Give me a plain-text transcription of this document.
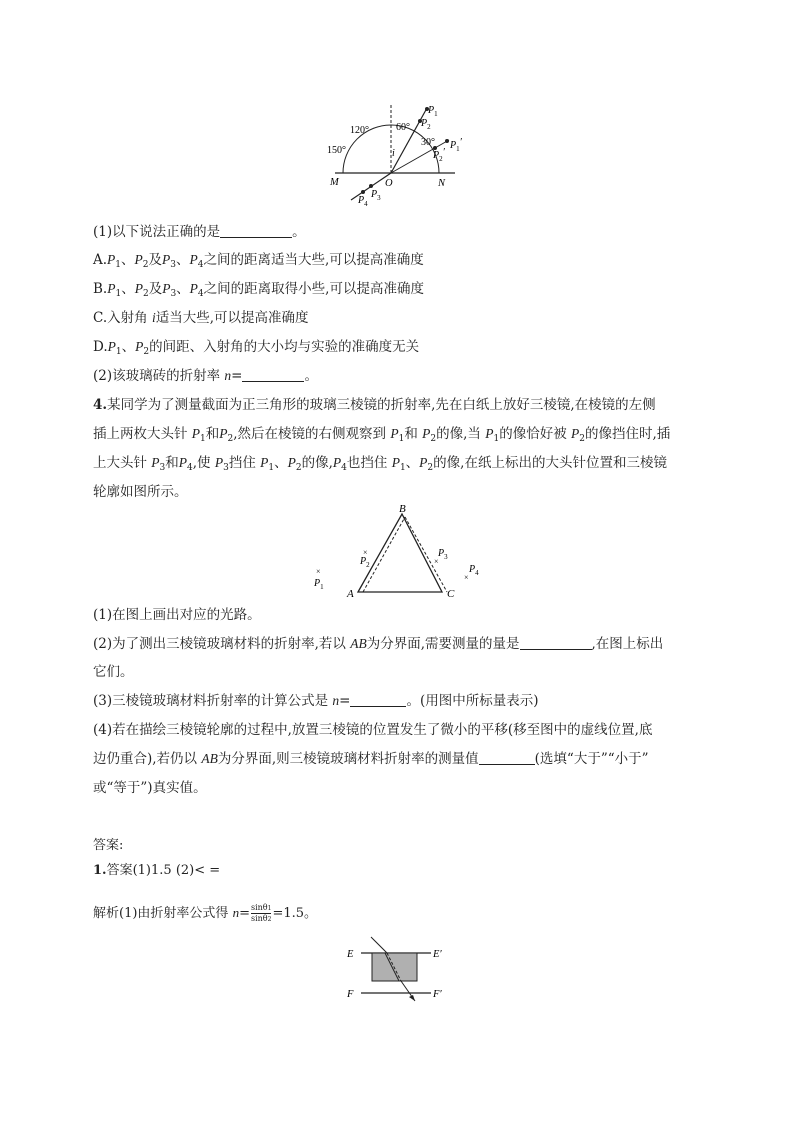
150°
120°	60°
30°
i
M	O	N
$P_1$
$P_2$
$P_1'$
$P_2'$
$P_3$
$P_4$
(1)以下说法正确的是	。
$A.P_1$、$P_2$及$P_3$、$P_4$之间的距离适当大些,可以提高准确度
$B.P_1$、$P_2$及$P_3$、$P_4$之间的距离取得小些,可以提高准确度
C.入射角 i适当大些,可以提高准确度
$D.P_1$、$P_2$的间距、入射角的大小均与实验的准确度无关
(2)该玻璃砖的折射率 n=	。
4.某同学为了测量截面为正三角形的玻璃三棱镜的折射率,先在白纸上放好三棱镜,在棱镜的左侧
插上两枚大头针 $P_1$和$P_2$,然后在棱镜的右侧观察到 $P_1$和 $P_2$的像,当 $P_1$的像恰好被 $P_2$的像挡住时,插
上大头针 $P_3$和$P_4$,使 $P_3$挡住 $P_1$、$P_2$的像$,P_4$也挡住 $P_1$、$P_2$的像,在纸上标出的大头针位置和三棱镜
轮廓如图所示。
B
A	C
×
$P_1$
×
$P_2$
$P_3$
×
$P_4$
×
(1)在图上画出对应的光路。
(2)为了测出三棱镜玻璃材料的折射率,若以 AB为分界面,需要测量的量是	,在图上标出
它们。
(3)三棱镜玻璃材料折射率的计算公式是 n=	。(用图中所标量表示)
(4)若在描绘三棱镜轮廓的过程中,放置三棱镜的位置发生了微小的平移(移至图中的虚线位置,底
边仍重合),若仍以 AB为分界面,则三棱镜玻璃材料折射率的测量值	(选填“大于”“小于”
或“等于”)真实值。
答案:
1.答案(1)1.5 (2)< =
解析(1)由折射率公式得 $n= \frac{\sin\theta 1}{\sin\theta 2} =1.5$。
E	E′
F	F′
